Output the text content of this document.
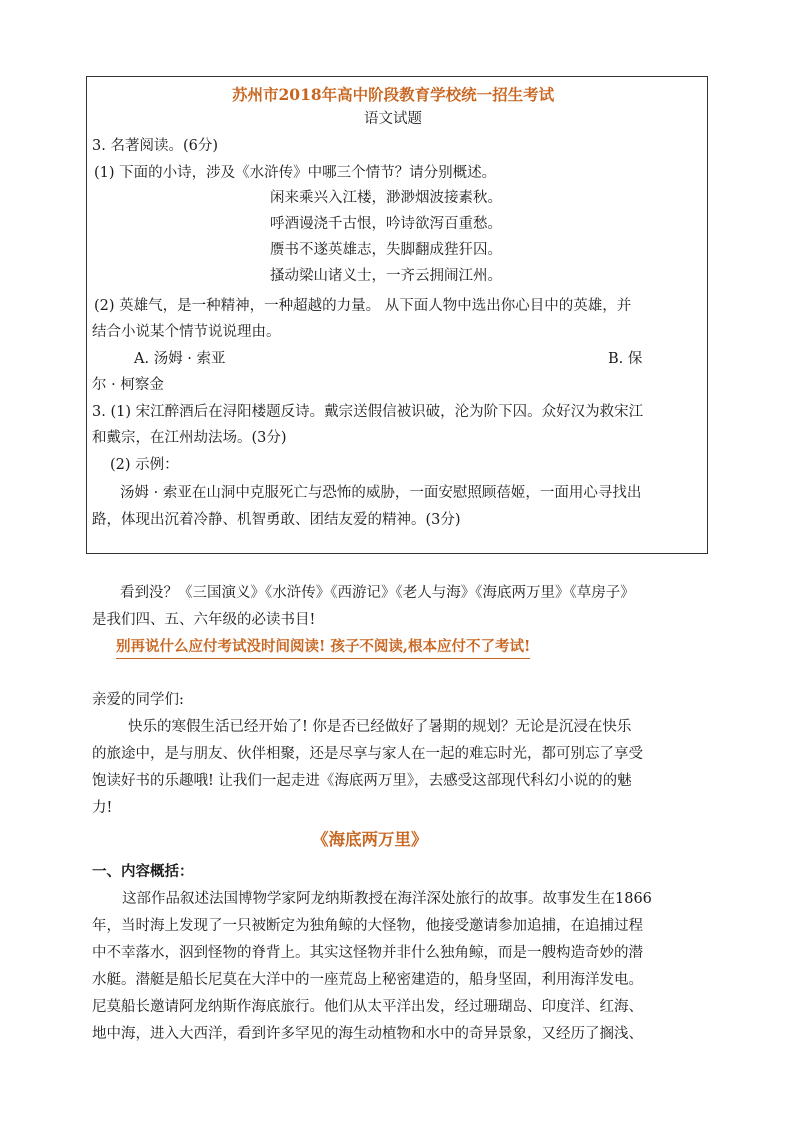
苏州市2018年高中阶段教育学校统一招生考试
语文试题
3. 名著阅读。(6分)
(1) 下面的小诗，涉及《水浒传》中哪三个情节？请分别概述。
闲来乘兴入江楼，渺渺烟波接素秋。
呼酒谩浇千古恨，吟诗欲泻百重愁。
赝书不遂英雄志，失脚翻成狴犴囚。
搔动梁山诸义士，一齐云拥闹江州。
(2) 英雄气，是一种精神，一种超越的力量。 从下面人物中选出你心目中的英雄，并
结合小说某个情节说说理由。
A. 汤姆 · 索亚	B. 保
尔 · 柯察金
3. (1) 宋江醉酒后在浔阳楼题反诗。戴宗送假信被识破，沦为阶下囚。众好汉为救宋江
和戴宗，在江州劫法场。(3分)
(2) 示例：
汤姆 · 索亚在山洞中克服死亡与恐怖的威胁，一面安慰照顾蓓姬，一面用心寻找出
路，体现出沉着冷静、机智勇敢、团结友爱的精神。(3分)
看到没？《三国演义》《水浒传》《西游记》《老人与海》《海底两万里》《草房子》
是我们四、五、六年级的必读书目!
别再说什么应付考试没时间阅读! 孩子不阅读,根本应付不了考试!
亲爱的同学们:
快乐的寒假生活已经开始了! 你是否已经做好了暑期的规划？无论是沉浸在快乐
的旅途中，是与朋友、伙伴相聚，还是尽享与家人在一起的难忘时光，都可别忘了享受
饱读好书的乐趣哦! 让我们一起走进《海底两万里》，去感受这部现代科幻小说的的魅
力!
《海底两万里》
一、内容概括：
这部作品叙述法国博物学家阿龙纳斯教授在海洋深处旅行的故事。故事发生在1866
年，当时海上发现了一只被断定为独角鲸的大怪物，他接受邀请参加追捕，在追捕过程
中不幸落水，泅到怪物的脊背上。其实这怪物并非什么独角鲸，而是一艘构造奇妙的潜
水艇。潜艇是船长尼莫在大洋中的一座荒岛上秘密建造的，船身坚固，利用海洋发电。
尼莫船长邀请阿龙纳斯作海底旅行。他们从太平洋出发，经过珊瑚岛、印度洋、红海、
地中海，进入大西洋，看到许多罕见的海生动植物和水中的奇异景象，又经历了搁浅、
